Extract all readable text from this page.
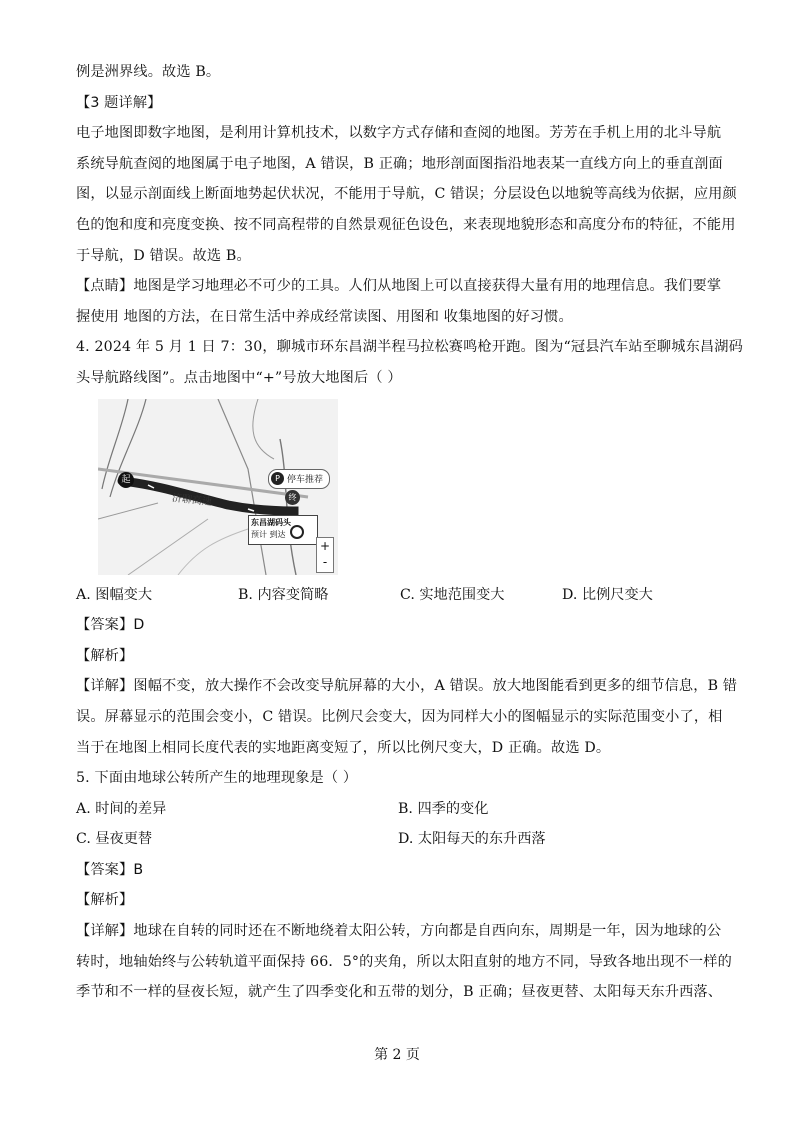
例是洲界线。故选 B。

【3 题详解】

电子地图即数字地图，是利用计算机技术，以数字方式存储和查阅的地图。芳芳在手机上用的北斗导航

系统导航查阅的地图属于电子地图，A 错误，B 正确；地形剖面图指沿地表某一直线方向上的垂直剖面

图，以显示剖面线上断面地势起伏状况，不能用于导航，C 错误；分层设色以地貌等高线为依据，应用颜

色的饱和度和亮度变换、按不同高程带的自然景观征色设色，来表现地貌形态和高度分布的特征，不能用

于导航，D 错误。故选 B。

【点睛】地图是学习地理必不可少的工具。人们从地图上可以直接获得大量有用的地理信息。我们要掌

握使用 地图的方法，在日常生活中养成经常读图、用图和 收集地图的好习惯。

4. 2024 年 5 月 1 日 7：30，聊城市环东昌湖半程马拉松赛鸣枪开跑。图为“冠县汽车站至聊城东昌湖码

头导航路线图”。点击地图中“+”号放大地图后（ ）

起
济聊高速
P 停车推荐
终
东昌湖码头
预计 到达
+
-
A. 图幅变大	B. 内容变简略	C. 实地范围变大	D. 比例尺变大

【答案】D

【解析】

【详解】图幅不变，放大操作不会改变导航屏幕的大小，A 错误。放大地图能看到更多的细节信息，B 错

误。屏幕显示的范围会变小，C 错误。比例尺会变大，因为同样大小的图幅显示的实际范围变小了，相

当于在地图上相同长度代表的实地距离变短了，所以比例尺变大，D 正确。故选 D。

5. 下面由地球公转所产生的地理现象是（ ）

A. 时间的差异	B. 四季的变化
C. 昼夜更替	D. 太阳每天的东升西落

【答案】B

【解析】

【详解】地球在自转的同时还在不断地绕着太阳公转，方向都是自西向东，周期是一年，因为地球的公

转时，地轴始终与公转轨道平面保持 66．5°的夹角，所以太阳直射的地方不同，导致各地出现不一样的

季节和不一样的昼夜长短，就产生了四季变化和五带的划分，B 正确；昼夜更替、太阳每天东升西落、

第 2 页
